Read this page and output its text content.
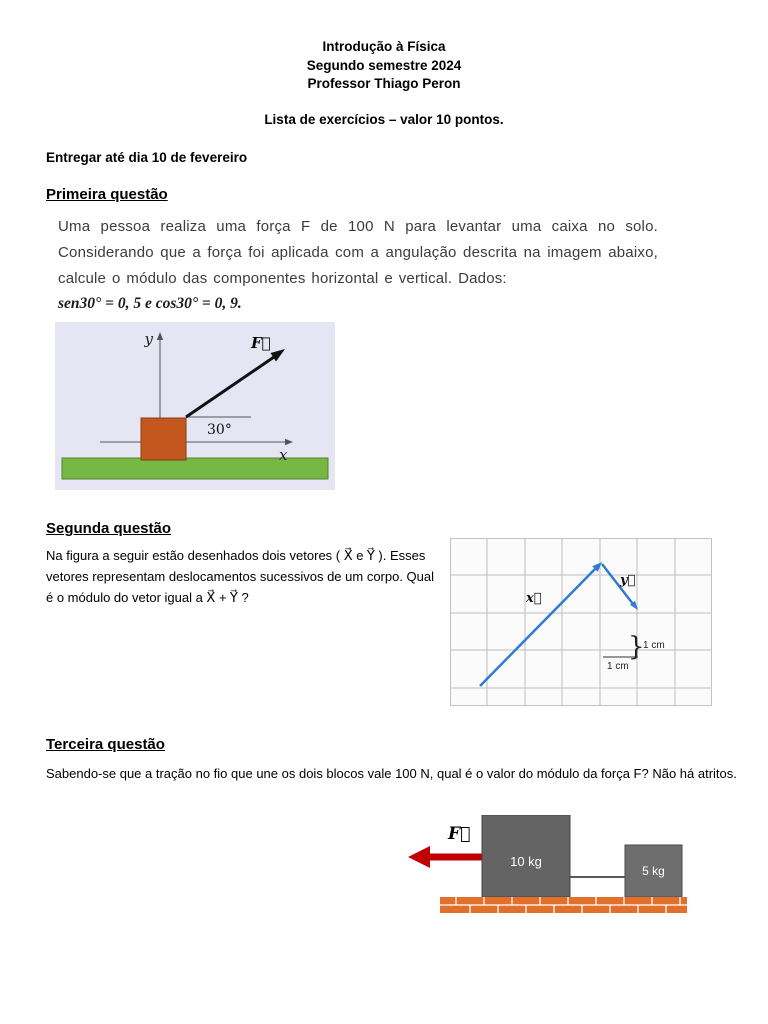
Introdução à Física
Segundo semestre 2024
Professor Thiago Peron
Lista de exercícios – valor 10 pontos.
Entregar até dia 10 de fevereiro
Primeira questão

Uma pessoa realiza uma força F de 100 N para levantar uma caixa no solo. Considerando que a força foi aplicada com a angulação descrita na imagem abaixo, calcule o módulo das componentes horizontal e vertical. Dados:

sen30° = 0, 5 e cos30° = 0, 9.
y
x
F⃗
30°
Segunda questão

Na figura a seguir estão desenhados dois vetores ( X⃗ e Y⃗ ). Esses vetores representam deslocamentos sucessivos de um corpo. Qual é o módulo do vetor igual a X⃗ + Y⃗ ?	x⃗
y⃗
}
1 cm
1 cm
Terceira questão

Sabendo-se que a tração no fio que une os dois blocos vale 100 N, qual é o valor do módulo da força F? Não há atritos.

F⃗
10 kg
5 kg
